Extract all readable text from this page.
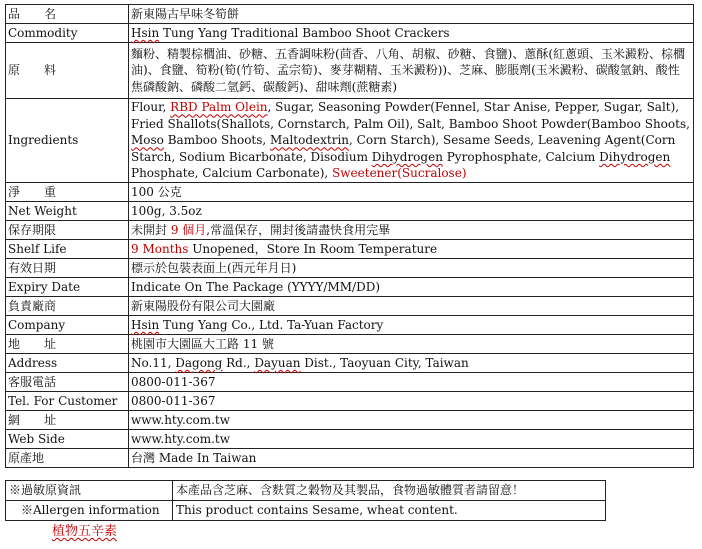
品　　名	新東陽古早味冬筍餅
Commodity	Hsin Tung Yang Traditional Bamboo Shoot Crackers
原　　料	麵粉、精製棕櫚油、砂糖、五香調味粉(茴香、八角、胡椒、砂糖、食鹽)、蔥酥(紅蔥頭、玉米澱粉、棕櫚油)、食鹽、筍粉(筍(竹筍、孟宗筍)、麥芽糊精、玉米澱粉))、芝麻、膨脹劑(玉米澱粉、碳酸氫鈉、酸性焦磷酸鈉、磷酸二氫鈣、碳酸鈣)、甜味劑(蔗糖素)
Ingredients	Flour, RBD Palm Olein, Sugar, Seasoning Powder(Fennel, Star Anise, Pepper, Sugar, Salt), Fried Shallots(Shallots, Cornstarch, Palm Oil), Salt, Bamboo Shoot Powder(Bamboo Shoots, Moso Bamboo Shoots, Maltodextrin, Corn Starch), Sesame Seeds, Leavening Agent(Corn Starch, Sodium Bicarbonate, Disodium Dihydrogen Pyrophosphate, Calcium Dihydrogen Phosphate, Calcium Carbonate), Sweetener(Sucralose)
淨　　重	100 公克
Net Weight	100g, 3.5oz
保存期限	未開封 9 個月,常溫保存，開封後請盡快食用完畢
Shelf Life	9 Months Unopened，Store In Room Temperature
有效日期	標示於包裝表面上(西元年月日)
Expiry Date	Indicate On The Package (YYYY/MM/DD)
負責廠商	新東陽股份有限公司大園廠
Company	Hsin Tung Yang Co., Ltd. Ta-Yuan Factory
地　　址	桃園市大園區大工路 11 號
Address	No.11, Dagong Rd., Dayuan Dist., Taoyuan City, Taiwan
客服電話	0800-011-367
Tel. For Customer	0800-011-367
網　　址	www.hty.com.tw
Web Side	www.hty.com.tw
原產地	台灣 Made In Taiwan
※過敏原資訊	本產品含芝麻、含麩質之穀物及其製品，食物過敏體質者請留意！
　※Allergen information	This product contains Sesame, wheat content.
植物五辛素
